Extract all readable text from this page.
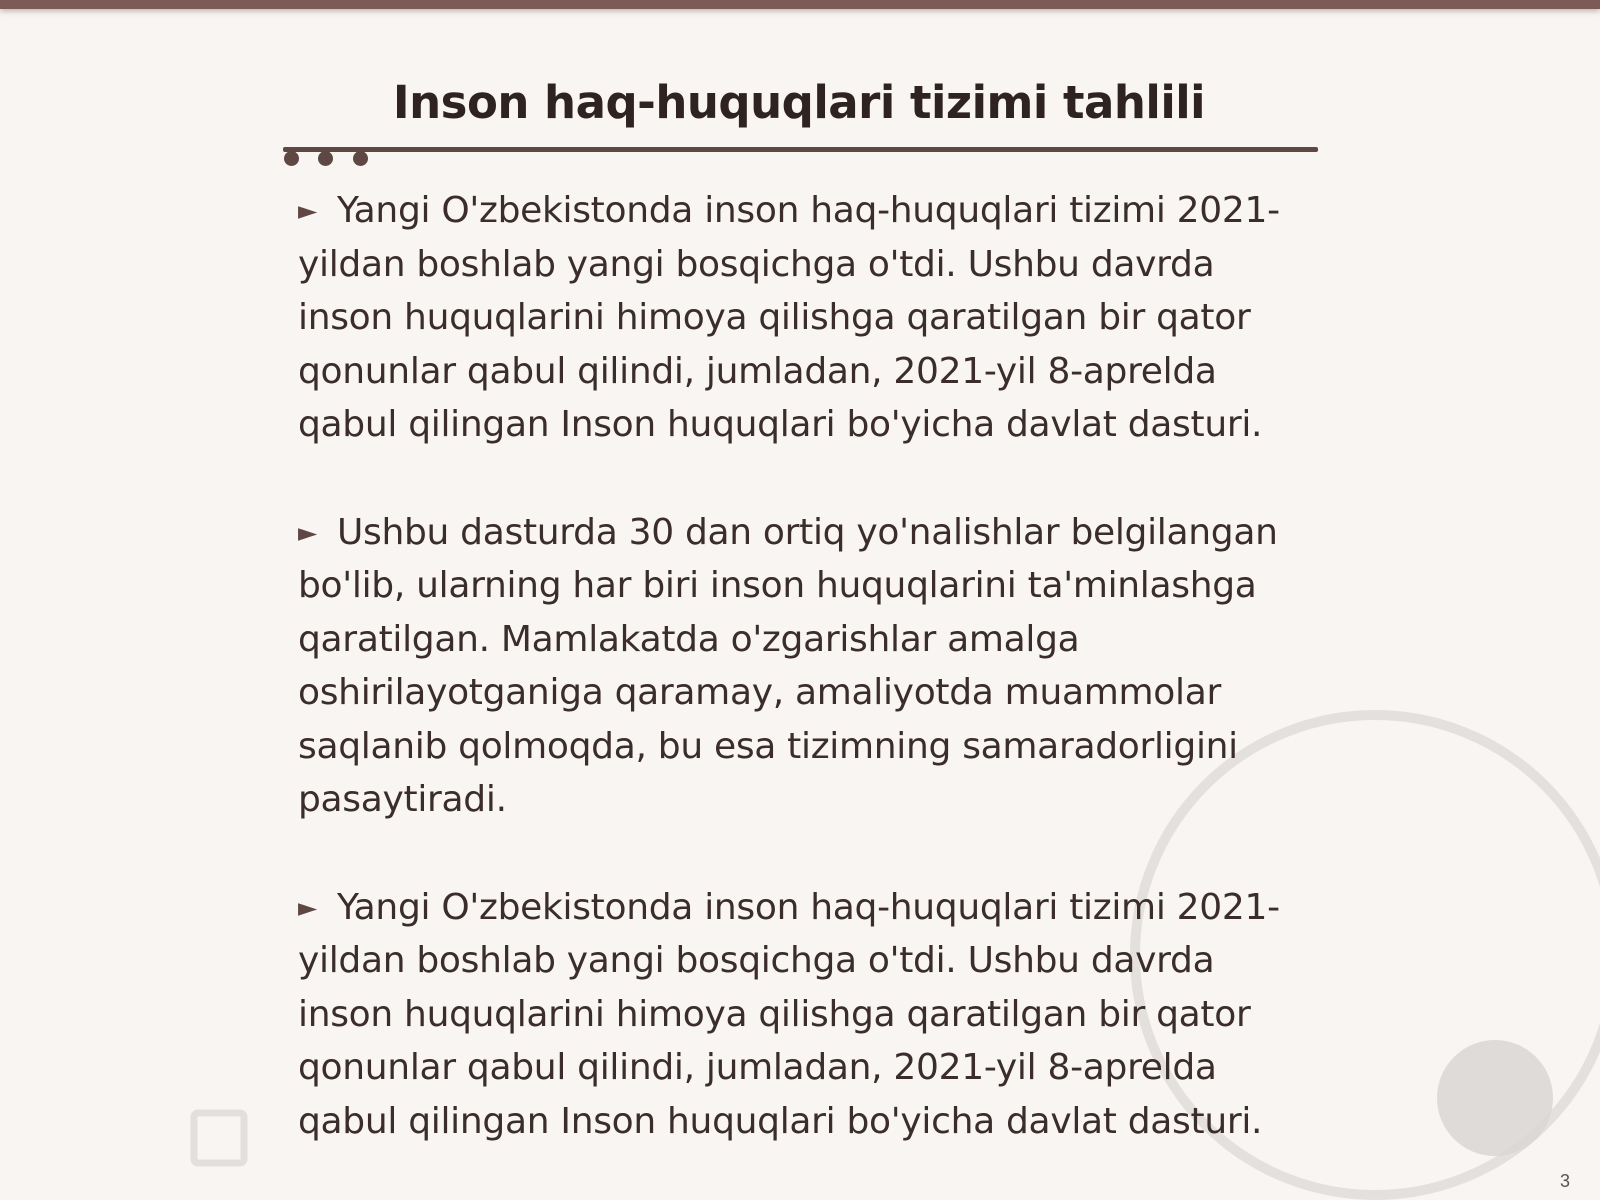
Inson haq-huquqlari tizimi tahlili

► Yangi O'zbekistonda inson haq-huquqlari tizimi 2021-yildan boshlab yangi bosqichga o'tdi. Ushbu davrda inson huquqlarini himoya qilishga qaratilgan bir qator qonunlar qabul qilindi, jumladan, 2021-yil 8-aprelda qabul qilingan Inson huquqlari bo'yicha davlat dasturi.

► Ushbu dasturda 30 dan ortiq yo'nalishlar belgilangan bo'lib, ularning har biri inson huquqlarini ta'minlashga qaratilgan. Mamlakatda o'zgarishlar amalga oshirilayotganiga qaramay, amaliyotda muammolar saqlanib qolmoqda, bu esa tizimning samaradorligini pasaytiradi.

► Yangi O'zbekistonda inson haq-huquqlari tizimi 2021-yildan boshlab yangi bosqichga o'tdi. Ushbu davrda inson huquqlarini himoya qilishga qaratilgan bir qator qonunlar qabul qilindi, jumladan, 2021-yil 8-aprelda qabul qilingan Inson huquqlari bo'yicha davlat dasturi.

3
